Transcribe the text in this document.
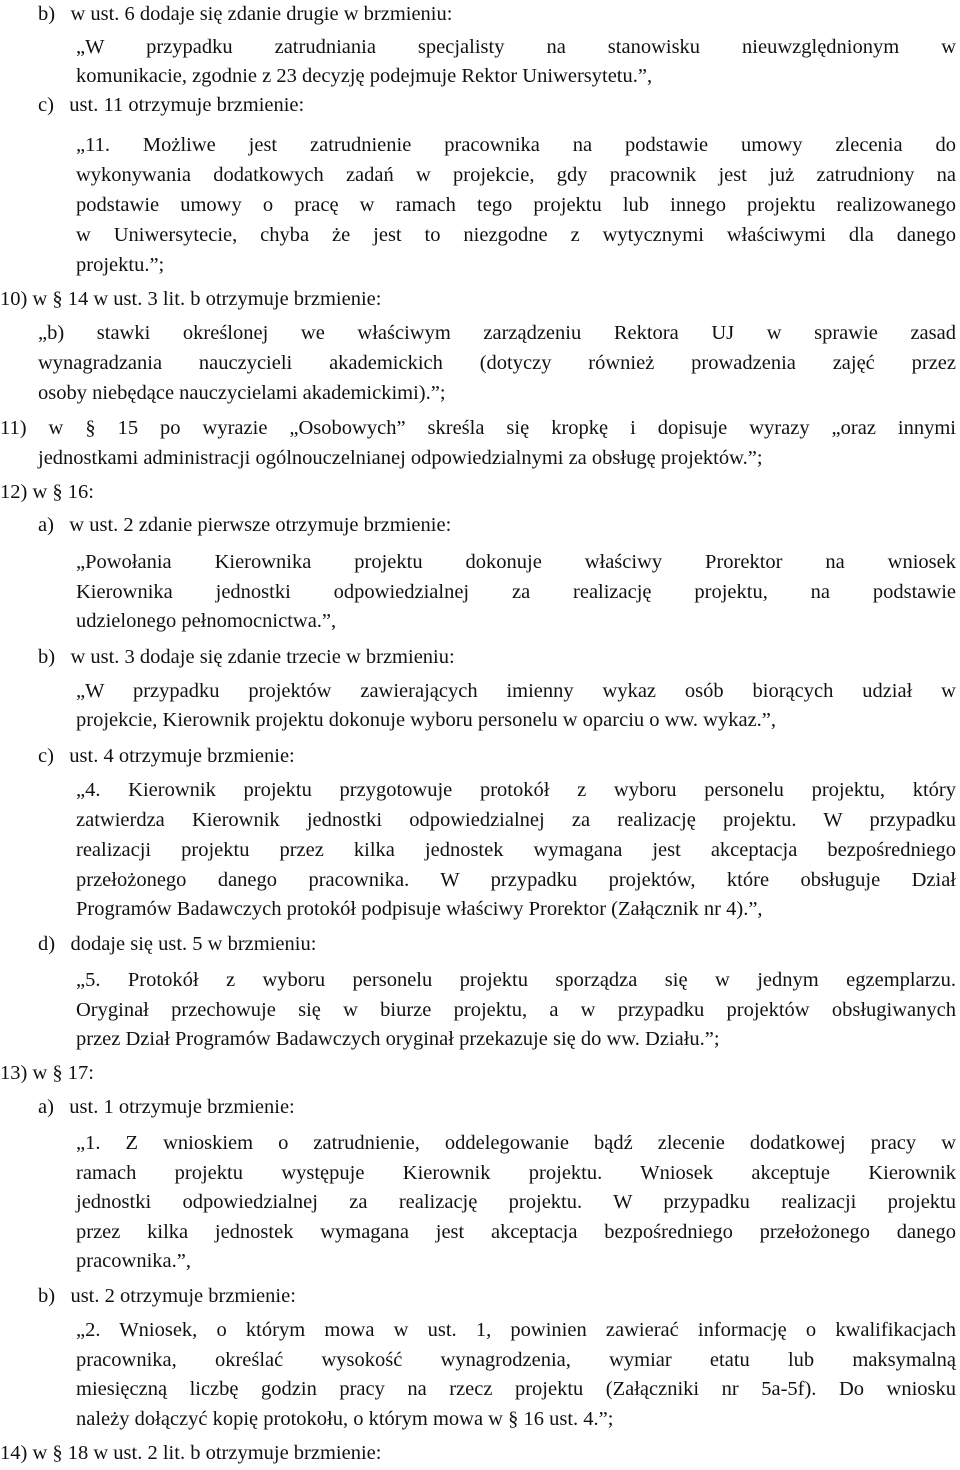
b)   w ust. 6 dodaje się zdanie drugie w brzmieniu:
„W przypadku zatrudniania specjalisty na stanowisku nieuwzględnionym w
komunikacie, zgodnie z 23 decyzję podejmuje Rektor Uniwersytetu.”,
c)   ust. 11 otrzymuje brzmienie:
„11. Możliwe jest zatrudnienie pracownika na podstawie umowy zlecenia do
wykonywania dodatkowych zadań w projekcie, gdy pracownik jest już zatrudniony na
podstawie umowy o pracę w ramach tego projektu lub innego projektu realizowanego
w Uniwersytecie, chyba że jest to niezgodne z wytycznymi właściwymi dla danego
projektu.”;
10) w § 14 w ust. 3 lit. b otrzymuje brzmienie:
„b) stawki określonej we właściwym zarządzeniu Rektora UJ w sprawie zasad
wynagradzania nauczycieli akademickich (dotyczy również prowadzenia zajęć przez
osoby niebędące nauczycielami akademickimi).”;
11) w § 15 po wyrazie „Osobowych” skreśla się kropkę i dopisuje wyrazy „oraz innymi
jednostkami administracji ogólnouczelnianej odpowiedzialnymi za obsługę projektów.”;
12) w § 16:
a)   w ust. 2 zdanie pierwsze otrzymuje brzmienie:
„Powołania Kierownika projektu dokonuje właściwy Prorektor na wniosek
Kierownika jednostki odpowiedzialnej za realizację projektu, na podstawie
udzielonego pełnomocnictwa.”,
b)   w ust. 3 dodaje się zdanie trzecie w brzmieniu:
„W przypadku projektów zawierających imienny wykaz osób biorących udział w
projekcie, Kierownik projektu dokonuje wyboru personelu w oparciu o ww. wykaz.”,
c)   ust. 4 otrzymuje brzmienie:
„4. Kierownik projektu przygotowuje protokół z wyboru personelu projektu, który
zatwierdza Kierownik jednostki odpowiedzialnej za realizację projektu. W przypadku
realizacji projektu przez kilka jednostek wymagana jest akceptacja bezpośredniego
przełożonego danego pracownika. W przypadku projektów, które obsługuje Dział
Programów Badawczych protokół podpisuje właściwy Prorektor (Załącznik nr 4).”,
d)   dodaje się ust. 5 w brzmieniu:
„5. Protokół z wyboru personelu projektu sporządza się w jednym egzemplarzu.
Oryginał przechowuje się w biurze projektu, a w przypadku projektów obsługiwanych
przez Dział Programów Badawczych oryginał przekazuje się do ww. Działu.”;
13) w § 17:
a)   ust. 1 otrzymuje brzmienie:
„1. Z wnioskiem o zatrudnienie, oddelegowanie bądź zlecenie dodatkowej pracy w
ramach projektu występuje Kierownik projektu. Wniosek akceptuje Kierownik
jednostki odpowiedzialnej za realizację projektu. W przypadku realizacji projektu
przez kilka jednostek wymagana jest akceptacja bezpośredniego przełożonego danego
pracownika.”,
b)   ust. 2 otrzymuje brzmienie:
„2. Wniosek, o którym mowa w ust. 1, powinien zawierać informację o kwalifikacjach
pracownika, określać wysokość wynagrodzenia, wymiar etatu lub maksymalną
miesięczną liczbę godzin pracy na rzecz projektu (Załączniki nr 5a-5f). Do wniosku
należy dołączyć kopię protokołu, o którym mowa w § 16 ust. 4.”;
14) w § 18 w ust. 2 lit. b otrzymuje brzmienie:
